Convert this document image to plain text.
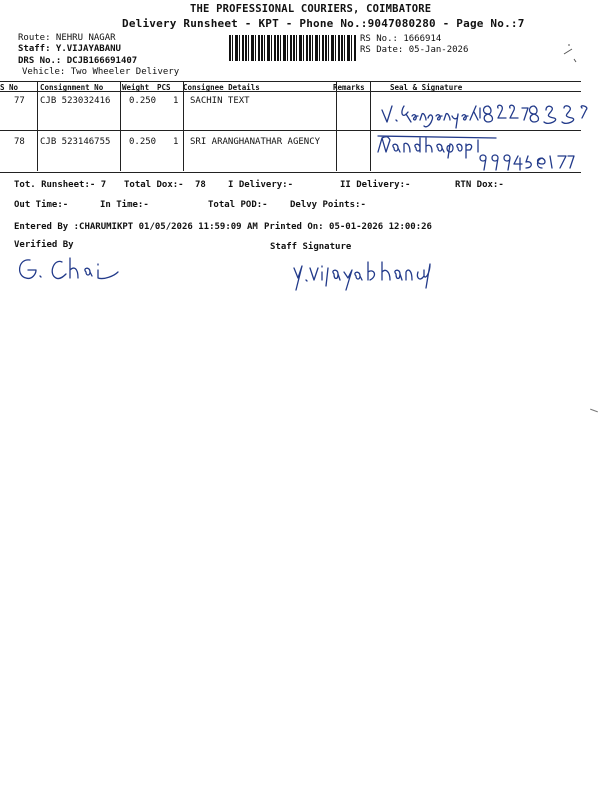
THE PROFESSIONAL COURIERS, COIMBATORE
Delivery Runsheet - KPT - Phone No.:9047080280 - Page No.:7
Route: NEHRU NAGAR
Staff: Y.VIJAYABANU
DRS No.: DCJB166691407
Vehicle: Two Wheeler Delivery
RS No.: 1666914
RS Date: 05-Jan-2026
S No	Consignment No	Weight PCS Consignee Details	Remarks	Seal & Signature
77 CJB 523032416 0.250 1 SACHIN TEXT
78 CJB 523146755 0.250 1 SRI ARANGHANATHAR AGENCY
Tot. Runsheet:- 7 Total Dox:- 78 I Delivery:-	II Delivery:-	RTN Dox:-
Out Time:-	In Time:-	Total POD:- Delvy Points:-
Entered By :CHARUMIKPT 01/05/2026 11:59:09 AM Printed On: 05-01-2026 12:00:26
Verified By	Staff Signature
